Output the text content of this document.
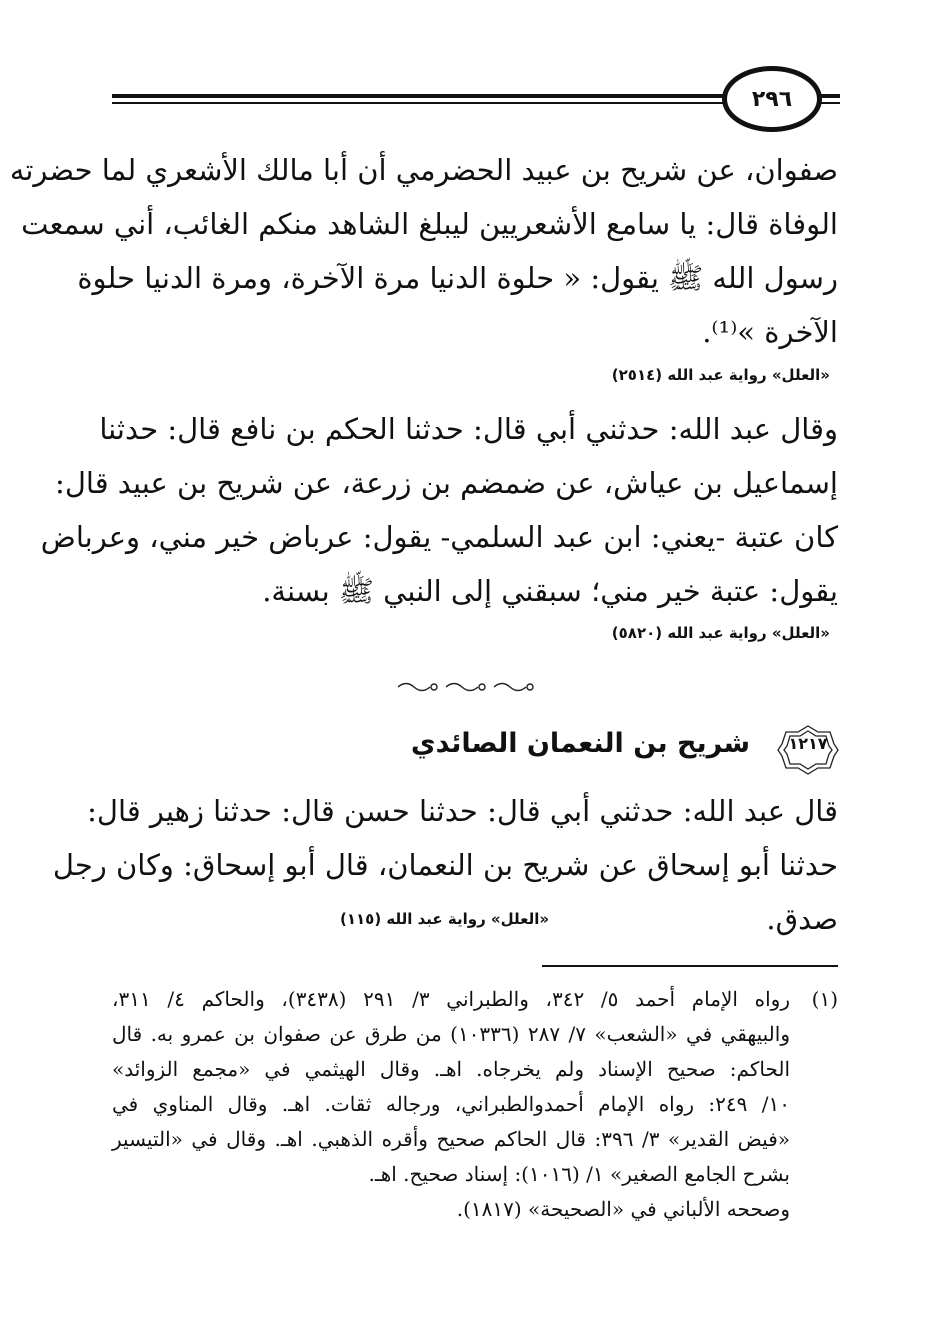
٢٩٦
صفوان، عن شريح بن عبيد الحضرمي أن أبا مالك الأشعري لما حضرته
الوفاة قال: يا سامع الأشعريين ليبلغ الشاهد منكم الغائب، أني سمعت
رسول الله ﷺ يقول: « حلوة الدنيا مرة الآخرة، ومرة الدنيا حلوة
الآخرة »⁽¹⁾.
«العلل» رواية عبد الله (٢٥١٤)
وقال عبد الله: حدثني أبي قال: حدثنا الحكم بن نافع قال: حدثنا
إسماعيل بن عياش، عن ضمضم بن زرعة، عن شريح بن عبيد قال:
كان عتبة -يعني: ابن عبد السلمي- يقول: عرباض خير مني، وعرباض
يقول: عتبة خير مني؛ سبقني إلى النبي ﷺ بسنة.
«العلل» رواية عبد الله (٥٨٢٠)
١٢١٧
شريح بن النعمان الصائدي
قال عبد الله: حدثني أبي قال: حدثنا حسن قال: حدثنا زهير قال:
حدثنا أبو إسحاق عن شريح بن النعمان، قال أبو إسحاق: وكان رجل
صدق.
«العلل» رواية عبد الله (١١٥)
(١)
رواه الإمام أحمد ٥/ ٣٤٢، والطبراني ٣/ ٢٩١ (٣٤٣٨)، والحاكم ٤/ ٣١١،
والبيهقي في «الشعب» ٧/ ٢٨٧ (١٠٣٣٦) من طرق عن صفوان بن عمرو به. قال
الحاكم: صحيح الإسناد ولم يخرجاه. اهـ. وقال الهيثمي في «مجمع الزوائد»
١٠/ ٢٤٩: رواه الإمام أحمدوالطبراني، ورجاله ثقات. اهـ. وقال المناوي في
«فيض القدير» ٣/ ٣٩٦: قال الحاكم صحيح وأقره الذهبي. اهـ. وقال في «التيسير
بشرح الجامع الصغير» ١/ (١٠١٦): إسناد صحيح. اهـ.
وصححه الألباني في «الصحيحة» (١٨١٧).
